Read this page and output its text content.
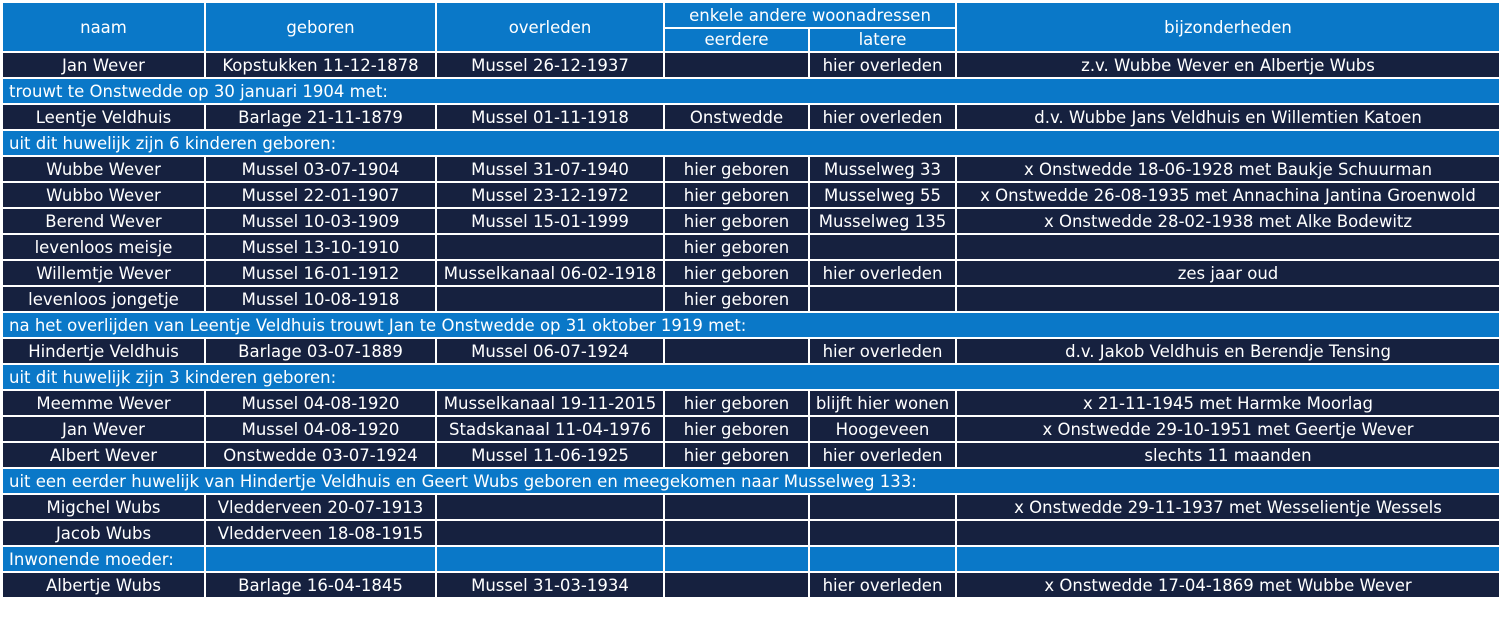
naam	geboren	overleden	enkele andere woonadressen		bijzonderheden
			eerdere	latere	
Jan Wever	Kopstukken 11-12-1878	Mussel 26-12-1937		hier overleden	z.v. Wubbe Wever en Albertje Wubs
trouwt te Onstwedde op 30 januari 1904 met:					
Leentje Veldhuis	Barlage 21-11-1879	Mussel 01-11-1918	Onstwedde	hier overleden	d.v. Wubbe Jans Veldhuis en Willemtien Katoen
uit dit huwelijk zijn 6 kinderen geboren:					
Wubbe Wever	Mussel 03-07-1904	Mussel 31-07-1940	hier geboren	Musselweg 33	x Onstwedde 18-06-1928 met Baukje Schuurman
Wubbo Wever	Mussel 22-01-1907	Mussel 23-12-1972	hier geboren	Musselweg 55	x Onstwedde 26-08-1935 met Annachina Jantina Groenwold
Berend Wever	Mussel 10-03-1909	Mussel 15-01-1999	hier geboren	Musselweg 135	x Onstwedde 28-02-1938 met Alke Bodewitz
levenloos meisje	Mussel 13-10-1910		hier geboren		
Willemtje Wever	Mussel 16-01-1912	Musselkanaal 06-02-1918	hier geboren	hier overleden	zes jaar oud
levenloos jongetje	Mussel 10-08-1918		hier geboren		
na het overlijden van Leentje Veldhuis trouwt Jan te Onstwedde op 31 oktober 1919 met:					
Hindertje Veldhuis	Barlage 03-07-1889	Mussel 06-07-1924		hier overleden	d.v. Jakob Veldhuis en Berendje Tensing
uit dit huwelijk zijn 3 kinderen geboren:					
Meemme Wever	Mussel 04-08-1920	Musselkanaal 19-11-2015	hier geboren	blijft hier wonen	x 21-11-1945 met Harmke Moorlag
Jan Wever	Mussel 04-08-1920	Stadskanaal 11-04-1976	hier geboren	Hoogeveen	x Onstwedde 29-10-1951 met Geertje Wever
Albert Wever	Onstwedde 03-07-1924	Mussel 11-06-1925	hier geboren	hier overleden	slechts 11 maanden
uit een eerder huwelijk van Hindertje Veldhuis en Geert Wubs geboren en meegekomen naar Musselweg 133:					
Migchel Wubs	Vledderveen 20-07-1913				x Onstwedde 29-11-1937 met Wesselientje Wessels
Jacob Wubs	Vledderveen 18-08-1915				
Inwonende moeder:					
Albertje Wubs	Barlage 16-04-1845	Mussel 31-03-1934		hier overleden	x Onstwedde 17-04-1869 met Wubbe Wever
